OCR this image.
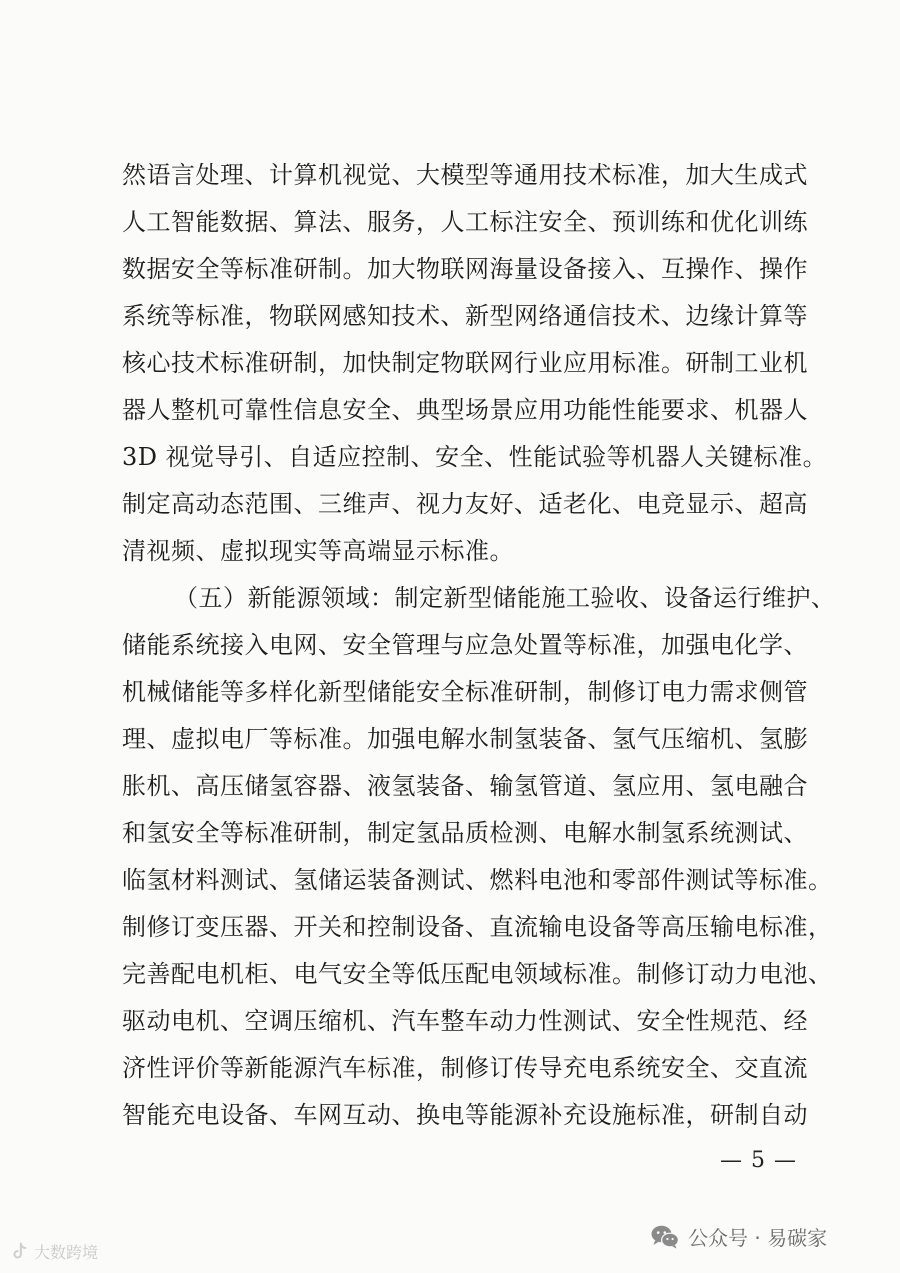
然语言处理、计算机视觉、大模型等通用技术标准，加大生成式
人工智能数据、算法、服务，人工标注安全、预训练和优化训练
数据安全等标准研制。加大物联网海量设备接入、互操作、操作
系统等标准，物联网感知技术、新型网络通信技术、边缘计算等
核心技术标准研制，加快制定物联网行业应用标准。研制工业机
器人整机可靠性信息安全、典型场景应用功能性能要求、机器人
3D 视觉导引、自适应控制、安全、性能试验等机器人关键标准。
制定高动态范围、三维声、视力友好、适老化、电竞显示、超高
清视频、虚拟现实等高端显示标准。
（五）新能源领域：制定新型储能施工验收、设备运行维护、
储能系统接入电网、安全管理与应急处置等标准，加强电化学、
机械储能等多样化新型储能安全标准研制，制修订电力需求侧管
理、虚拟电厂等标准。加强电解水制氢装备、氢气压缩机、氢膨
胀机、高压储氢容器、液氢装备、输氢管道、氢应用、氢电融合
和氢安全等标准研制，制定氢品质检测、电解水制氢系统测试、
临氢材料测试、氢储运装备测试、燃料电池和零部件测试等标准。
制修订变压器、开关和控制设备、直流输电设备等高压输电标准，
完善配电机柜、电气安全等低压配电领域标准。制修订动力电池、
驱动电机、空调压缩机、汽车整车动力性测试、安全性规范、经
济性评价等新能源汽车标准，制修订传导充电系统安全、交直流
智能充电设备、车网互动、换电等能源补充设施标准，研制自动
— 5 —
大数跨境
公众号 · 易碳家
